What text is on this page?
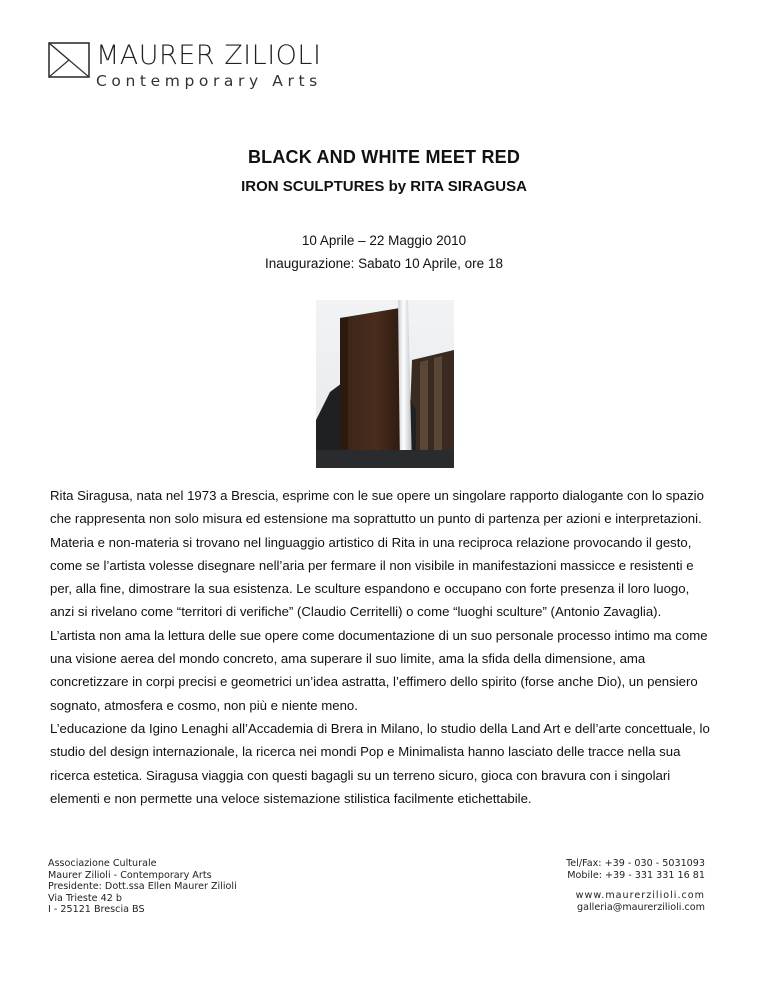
MAURER ZILIOLI
Contemporary Arts
BLACK AND WHITE MEET RED
IRON SCULPTURES by RITA SIRAGUSA
10 Aprile – 22 Maggio 2010
Inaugurazione: Sabato 10 Aprile, ore 18

Rita Siragusa, nata nel 1973 a Brescia, esprime con le sue opere un singolare rapporto dialogante con lo spazio che rappresenta non solo misura ed estensione ma soprattutto un punto di partenza per azioni e interpretazioni. Materia e non-materia si trovano nel linguaggio artistico di Rita in una reciproca relazione provocando il gesto, come se l’artista volesse disegnare nell’aria per fermare il non visibile in manifestazioni massicce e resistenti e per, alla fine, dimostrare la sua esistenza. Le sculture espandono e occupano con forte presenza il loro luogo, anzi si rivelano come “territori di verifiche” (Claudio Cerritelli) o come “luoghi sculture” (Antonio Zavaglia).

L’artista non ama la lettura delle sue opere come documentazione di un suo personale processo intimo ma come una visione aerea del mondo concreto, ama superare il suo limite, ama la sfida della dimensione, ama concretizzare in corpi precisi e geometrici un’idea astratta, l’effimero dello spirito (forse anche Dio), un pensiero sognato, atmosfera e cosmo, non più e niente meno.

L’educazione da Igino Lenaghi all’Accademia di Brera in Milano, lo studio della Land Art e dell’arte concettuale, lo studio del design internazionale, la ricerca nei mondi Pop e Minimalista hanno lasciato delle tracce nella sua ricerca estetica. Siragusa viaggia con questi bagagli su un terreno sicuro, gioca con bravura con i singolari elementi e non permette una veloce sistemazione stilistica facilmente etichettabile.

Associazione Culturale
Maurer Zilioli - Contemporary Arts
Presidente: Dott.ssa Ellen Maurer Zilioli
Via Trieste 42 b
I - 25121 Brescia BS
Tel/Fax: +39 - 030 - 5031093
Mobile: +39 - 331 331 16 81
www.maurerzilioli.com
galleria@maurerzilioli.com
